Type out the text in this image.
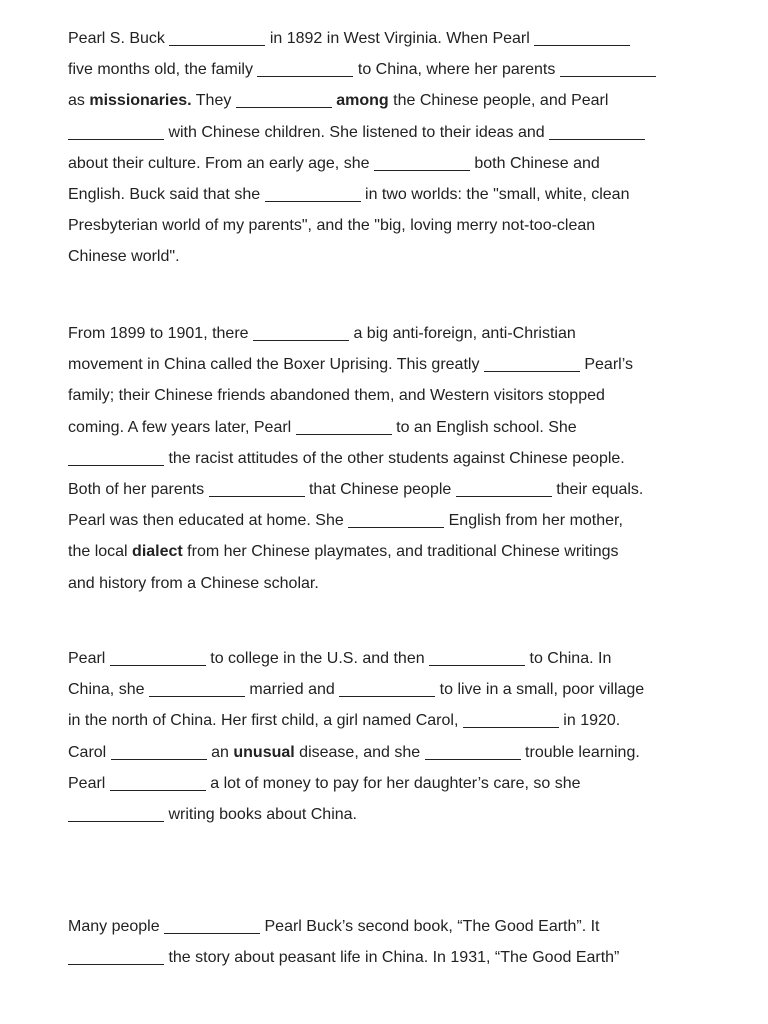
Pearl S. Buck	in 1892 in West Virginia. When Pearl
five months old, the family	to China, where her parents
as missionaries. They	among the Chinese people, and Pearl
with Chinese children. She listened to their ideas and
about their culture. From an early age, she	both Chinese and
English. Buck said that she	in two worlds: the "small, white, clean
Presbyterian world of my parents", and the "big, loving merry not-too-clean
Chinese world".
From 1899 to 1901, there	a big anti-foreign, anti-Christian
movement in China called the Boxer Uprising. This greatly	Pearl’s
family; their Chinese friends abandoned them, and Western visitors stopped
coming. A few years later, Pearl	to an English school. She
the racist attitudes of the other students against Chinese people.
Both of her parents	that Chinese people	their equals.
Pearl was then educated at home. She	English from her mother,
the local dialect from her Chinese playmates, and traditional Chinese writings
and history from a Chinese scholar.
Pearl	to college in the U.S. and then	to China. In
China, she	married and	to live in a small, poor village
in the north of China. Her first child, a girl named Carol,	in 1920.
Carol	an unusual disease, and she	trouble learning.
Pearl	a lot of money to pay for her daughter’s care, so she
writing books about China.
Many people	Pearl Buck’s second book, “The Good Earth”. It
the story about peasant life in China. In 1931, “The Good Earth”
